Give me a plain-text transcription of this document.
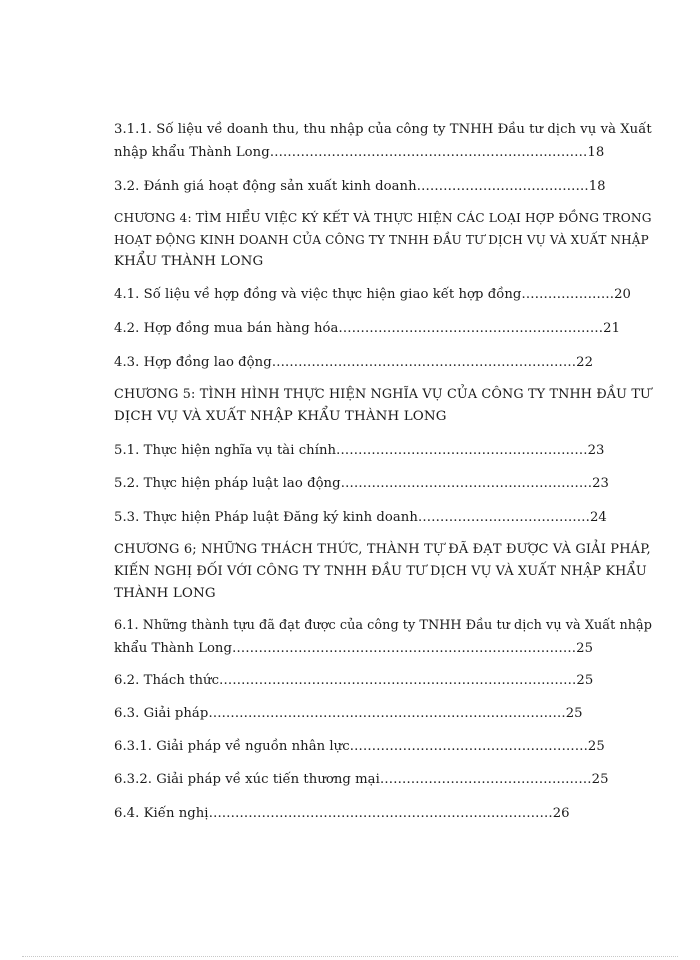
3.1.1. Số liệu về doanh thu, thu nhập của công ty TNHH Đầu tư dịch vụ và Xuất
nhập khẩu Thành Long………………………………………………………………18
3.2. Đánh giá hoạt động sản xuất kinh doanh…………………………………18
CHƯƠNG 4: TÌM HIỂU VIỆC KÝ KẾT VÀ THỰC HIỆN CÁC LOẠI HỢP ĐỒNG TRONG
HOẠT ĐỘNG KINH DOANH CỦA CÔNG TY TNHH ĐẦU TƯ DỊCH VỤ VÀ XUẤT NHẬP
KHẨU THÀNH LONG
4.1. Số liệu về hợp đồng và việc thực hiện giao kết hợp đồng…………………20
4.2. Hợp đồng mua bán hàng hóa……………………………………………………21
4.3. Hợp đồng lao động……………………………………………………………22
CHƯƠNG 5: TÌNH HÌNH THỰC HIỆN NGHĨA VỤ CỦA CÔNG TY TNHH ĐẦU TƯ
DỊCH VỤ VÀ XUẤT NHẬP KHẨU THÀNH LONG
5.1. Thực hiện nghĩa vụ tài chính…………………………………………………23
5.2. Thực hiện pháp luật lao động…………………………………………………23
5.3. Thực hiện Pháp luật Đăng ký kinh doanh…………………………………24
CHƯƠNG 6; NHỮNG THÁCH THỨC, THÀNH TỰ ĐÃ ĐẠT ĐƯỢC VÀ GIẢI PHÁP,
KIẾN NGHỊ ĐỐI VỚI CÔNG TY TNHH ĐẦU TƯ DỊCH VỤ VÀ XUẤT NHẬP KHẨU
THÀNH LONG
6.1. Những thành tựu đã đạt được của công ty TNHH Đầu tư dịch vụ và Xuất nhập
khẩu Thành Long……………………………………………………………………25
6.2. Thách thức………………………………………………………………………25
6.3. Giải pháp………………………………………………………………………25
6.3.1. Giải pháp về nguồn nhân lực………………………………………………25
6.3.2. Giải pháp về xúc tiến thương mại…………………………………………25
6.4. Kiến nghị……………………………………………………………………26
